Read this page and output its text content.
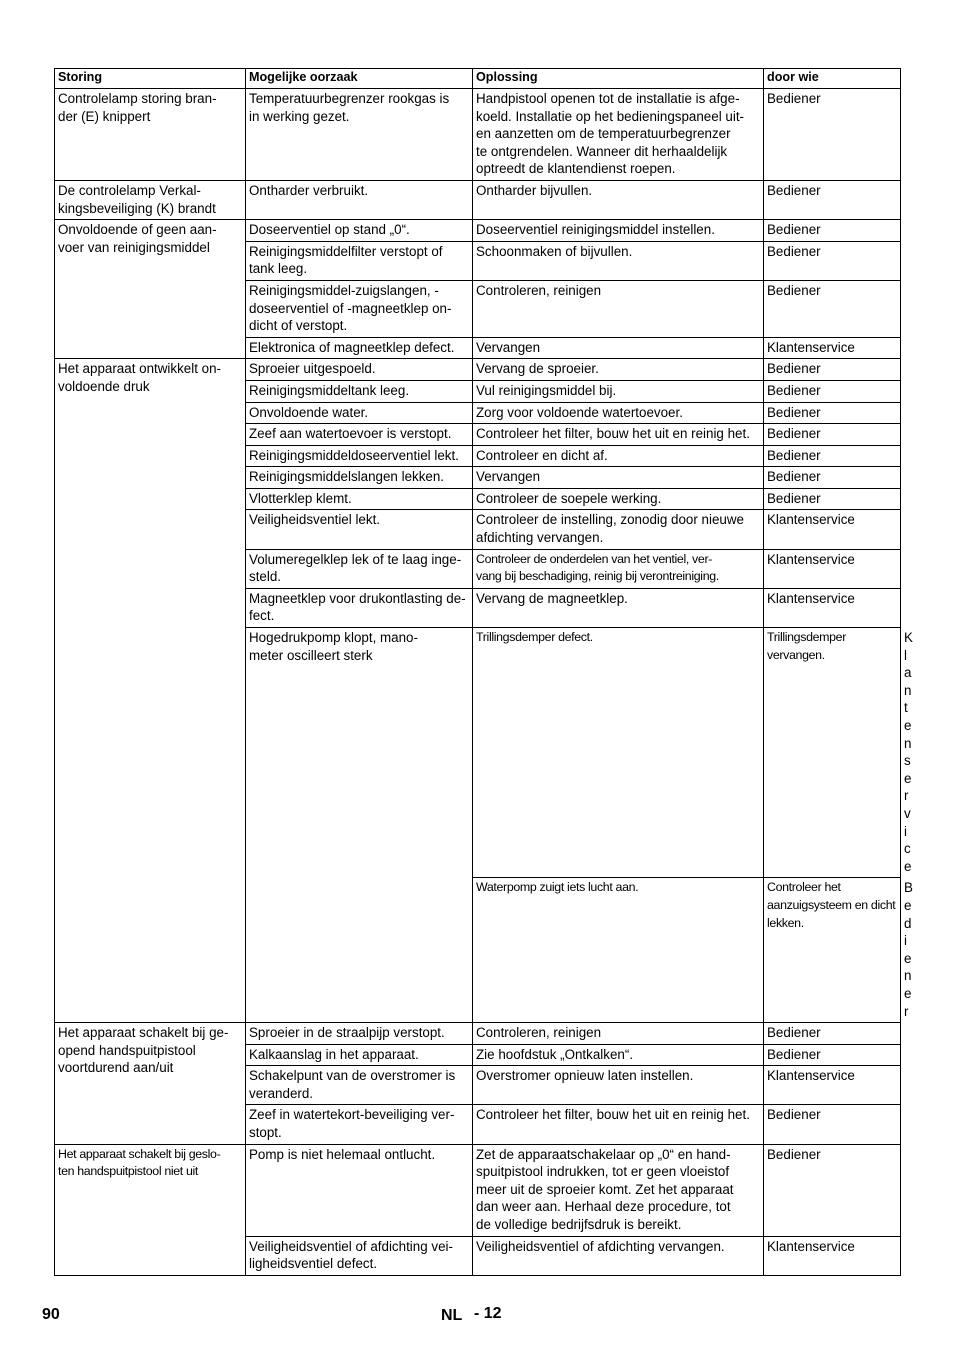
Storing	Mogelijke oorzaak	Oplossing	door wie	
Controlelamp storing bran-
der (E) knippert	Temperatuurbegrenzer rookgas is
in werking gezet.	Handpistool openen tot de installatie is afge-
koeld. Installatie op het bedieningspaneel uit-
en aanzetten om de temperatuurbegrenzer
te ontgrendelen. Wanneer dit herhaaldelijk
optreedt de klantendienst roepen.	Bediener	
De controlelamp Verkal-
kingsbeveiliging (K) brandt	Ontharder verbruikt.	Ontharder bijvullen.	Bediener	
Onvoldoende of geen aan-
voer van reinigingsmiddel	Doseerventiel op stand „0“.	Doseerventiel reinigingsmiddel instellen.	Bediener	
	Reinigingsmiddelfilter verstopt of
tank leeg.	Schoonmaken of bijvullen.	Bediener	
	Reinigingsmiddel-zuigslangen, -
doseerventiel of -magneetklep on-
dicht of verstopt.	Controleren, reinigen	Bediener	
	Elektronica of magneetklep defect.	Vervangen	Klantenservice	
Het apparaat ontwikkelt on-
voldoende druk	Sproeier uitgespoeld.	Vervang de sproeier.	Bediener	
	Reinigingsmiddeltank leeg.	Vul reinigingsmiddel bij.	Bediener	
	Onvoldoende water.	Zorg voor voldoende watertoevoer.	Bediener	
	Zeef aan watertoevoer is verstopt.	Controleer het filter, bouw het uit en reinig het.	Bediener	
	Reinigingsmiddeldoseerventiel lekt.	Controleer en dicht af.	Bediener	
	Reinigingsmiddelslangen lekken.	Vervangen	Bediener	
	Vlotterklep klemt.	Controleer de soepele werking.	Bediener	
	Veiligheidsventiel lekt.	Controleer de instelling, zonodig door nieuwe
afdichting vervangen.	Klantenservice	
	Volumeregelklep lek of te laag inge-
steld.	Controleer de onderdelen van het ventiel, ver-
vang bij beschadiging, reinig bij verontreiniging.	Klantenservice	
	Magneetklep voor drukontlasting de-
fect.	Vervang de magneetklep.	Klantenservice	
	Hogedrukpomp klopt, mano-
meter oscilleert sterk	Trillingsdemper defect.	Trillingsdemper vervangen.	Klantenservice
		Waterpomp zuigt iets lucht aan.	Controleer het aanzuigsysteem en dicht lekken.	Bediener
Het apparaat schakelt bij ge-
opend handspuitpistool
voortdurend aan/uit	Sproeier in de straalpijp verstopt.	Controleren, reinigen	Bediener	
	Kalkaanslag in het apparaat.	Zie hoofdstuk „Ontkalken“.	Bediener	
	Schakelpunt van de overstromer is
veranderd.	Overstromer opnieuw laten instellen.	Klantenservice	
	Zeef in watertekort-beveiliging ver-
stopt.	Controleer het filter, bouw het uit en reinig het.	Bediener	
Het apparaat schakelt bij geslo-
ten handspuitpistool niet uit	Pomp is niet helemaal ontlucht.	Zet de apparaatschakelaar op „0“ en hand-
spuitpistool indrukken, tot er geen vloeistof
meer uit de sproeier komt. Zet het apparaat
dan weer aan. Herhaal deze procedure, tot
de volledige bedrijfsdruk is bereikt.	Bediener	
	Veiligheidsventiel of afdichting vei-
ligheidsventiel defect.	Veiligheidsventiel of afdichting vervangen.	Klantenservice	
90	NL - 12
